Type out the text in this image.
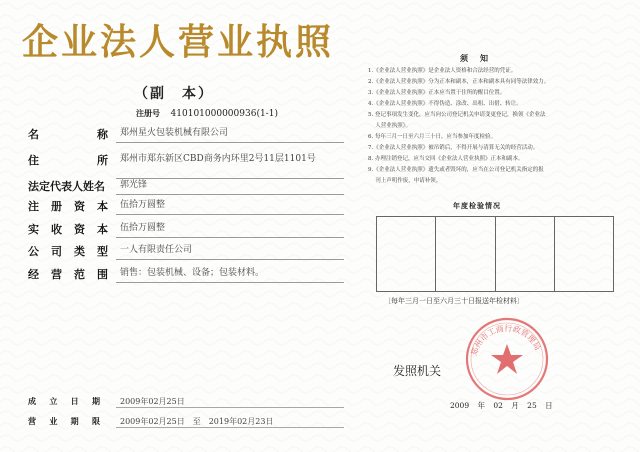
企业法人营业执照
（副　本）
注册号 410101000000936(1-1)
名	称 郑州星火包装机械有限公司
住	所 郑州市郑东新区CBD商务内环里2号11层1101号
法定代表人姓名 郭光锋
注 册 资 本 伍拾万圆整
实 收 资 本 伍拾万圆整
公 司 类 型 一人有限责任公司
经 营 范 围 销售：包装机械、设备；包装材料。
成 立 日 期	2009年02月25日
营 业 期 限	2009年02月25日　至　2019年02月23日
须　知
1.《企业法人营业执照》是企业法人资格和合法经营的凭证。
2.《企业法人营业执照》分为正本和副本，正本和副本具有同等法律效力。
3.《企业法人营业执照》正本应当置于住所的醒目位置。
4.《企业法人营业执照》不得伪造、涂改、出租、出借、转让。
5. 登记事项发生变化，应当向公司登记机关申请变更登记，换领《企业法
　 人营业执照》。
6. 每年三月一日至六月三十日，应当参加年度检验。
7.《企业法人营业执照》被吊销后，不得开展与清算无关的经营活动。
8. 办理注销登记，应当交回《企业法人营业执照》正本和副本。
9.《企业法人营业执照》遗失或者毁坏的，应当在公司登记机关指定的报
　 刊上声明作废，申请补领。
年度检验情况
〔每年三月一日至六月三十日报送年检材料〕
郑州市工商行政管理局
发照机关
2009 年 02 月 25 日
